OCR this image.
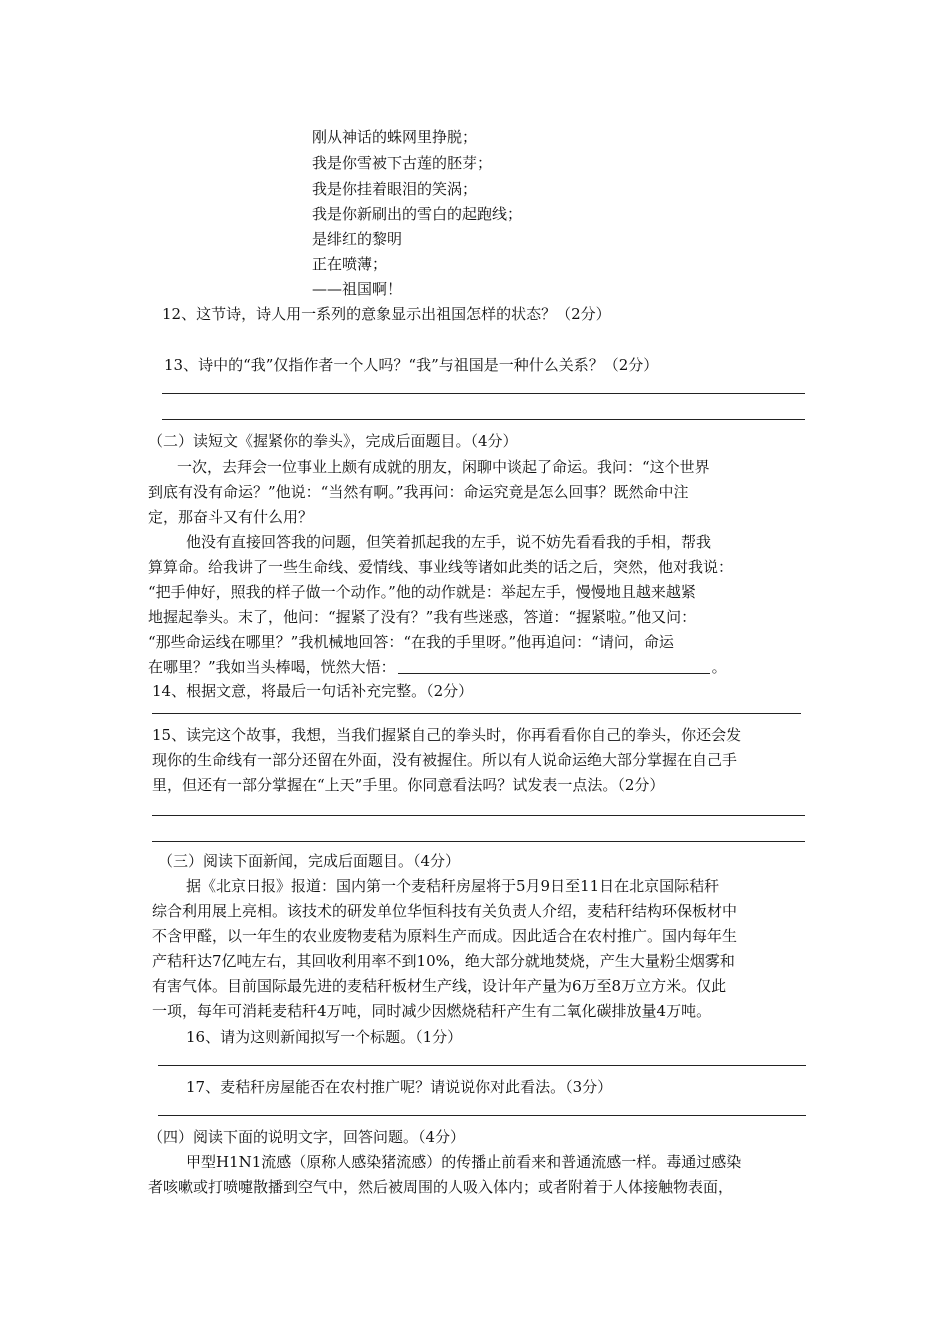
刚从神话的蛛网里挣脱；
我是你雪被下古莲的胚芽；
我是你挂着眼泪的笑涡；
我是你新刷出的雪白的起跑线；
是绯红的黎明
正在喷薄；
——祖国啊！
12、这节诗，诗人用一系列的意象显示出祖国怎样的状态？（2分）
13、诗中的“我”仅指作者一个人吗？“我”与祖国是一种什么关系？（2分）
（二）读短文《握紧你的拳头》，完成后面题目。（4分）
一次，去拜会一位事业上颇有成就的朋友，闲聊中谈起了命运。我问：“这个世界
到底有没有命运？”他说：“当然有啊。”我再问：命运究竟是怎么回事？既然命中注
定，那奋斗又有什么用？
他没有直接回答我的问题，但笑着抓起我的左手，说不妨先看看我的手相，帮我
算算命。给我讲了一些生命线、爱情线、事业线等诸如此类的话之后，突然，他对我说：
“把手伸好，照我的样子做一个动作。”他的动作就是：举起左手，慢慢地且越来越紧
地握起拳头。末了，他问：“握紧了没有？”我有些迷惑，答道：“握紧啦。”他又问：
“那些命运线在哪里？”我机械地回答：“在我的手里呀。”他再追问：“请问，命运
在哪里？”我如当头棒喝，恍然大悟：	。
14、根据文意，将最后一句话补充完整。（2分）
15、读完这个故事，我想，当我们握紧自己的拳头时，你再看看你自己的拳头，你还会发
现你的生命线有一部分还留在外面，没有被握住。所以有人说命运绝大部分掌握在自己手
里，但还有一部分掌握在“上天”手里。你同意看法吗？试发表一点法。（2分）
（三）阅读下面新闻，完成后面题目。（4分）
据《北京日报》报道：国内第一个麦秸秆房屋将于5月9日至11日在北京国际秸秆
综合利用展上亮相。该技术的研发单位华恒科技有关负责人介绍，麦秸秆结构环保板材中
不含甲醛，以一年生的农业废物麦秸为原料生产而成。因此适合在农村推广。国内每年生
产秸秆达7亿吨左右，其回收利用率不到10%，绝大部分就地焚烧，产生大量粉尘烟雾和
有害气体。目前国际最先进的麦秸秆板材生产线，设计年产量为6万至8万立方米。仅此
一项，每年可消耗麦秸秆4万吨，同时减少因燃烧秸秆产生有二氧化碳排放量4万吨。
16、请为这则新闻拟写一个标题。（1分）
17、麦秸秆房屋能否在农村推广呢？请说说你对此看法。（3分）
（四）阅读下面的说明文字，回答问题。（4分）
甲型H1N1流感（原称人感染猪流感）的传播止前看来和普通流感一样。毒通过感染
者咳嗽或打喷嚏散播到空气中，然后被周围的人吸入体内；或者附着于人体接触物表面，
